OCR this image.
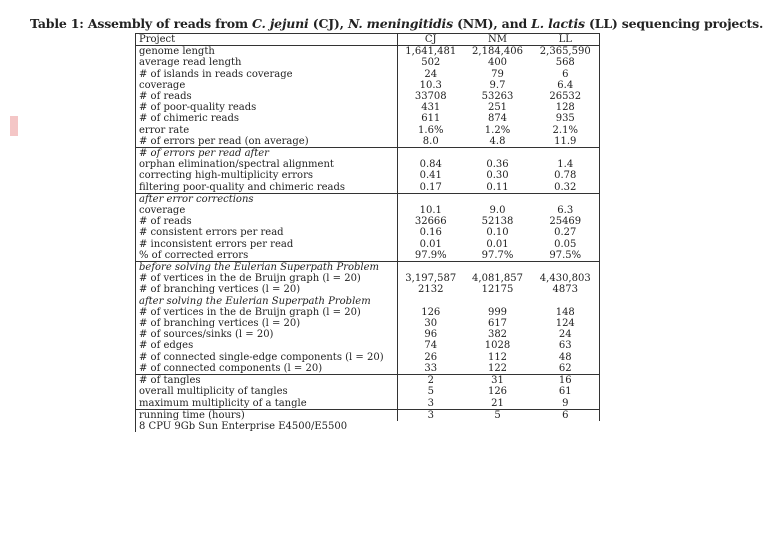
Table 1: Assembly of reads from C. jejuni (CJ), N. meningitidis (NM), and L. lactis (LL) sequencing projects.
Project	CJ	NM	LL
genome length	1,641,481	2,184,406	2,365,590
average read length	502	400	568
# of islands in reads coverage	24	79	6
coverage	10.3	9.7	6.4
# of reads	33708	53263	26532
# of poor-quality reads	431	251	128
# of chimeric reads	611	874	935
error rate	1.6%	1.2%	2.1%
# of errors per read (on average)	8.0	4.8	11.9
# of errors per read after			
orphan elimination/spectral alignment	0.84	0.36	1.4
correcting high-multiplicity errors	0.41	0.30	0.78
filtering poor-quality and chimeric reads	0.17	0.11	0.32
after error corrections			
coverage	10.1	9.0	6.3
# of reads	32666	52138	25469
# consistent errors per read	0.16	0.10	0.27
# inconsistent errors per read	0.01	0.01	0.05
% of corrected errors	97.9%	97.7%	97.5%
before solving the Eulerian Superpath Problem			
# of vertices in the de Bruijn graph (l = 20)	3,197,587	4,081,857	4,430,803
# of branching vertices (l = 20)	2132	12175	4873
after solving the Eulerian Superpath Problem			
# of vertices in the de Bruijn graph (l = 20)	126	999	148
# of branching vertices (l = 20)	30	617	124
# of sources/sinks (l = 20)	96	382	24
# of edges	74	1028	63
# of connected single-edge components (l = 20)	26	112	48
# of connected components (l = 20)	33	122	62
# of tangles	2	31	16
overall multiplicity of tangles	5	126	61
maximum multiplicity of a tangle	3	21	9
running time (hours)	3	5	6
8 CPU 9Gb Sun Enterprise E4500/E5500			
